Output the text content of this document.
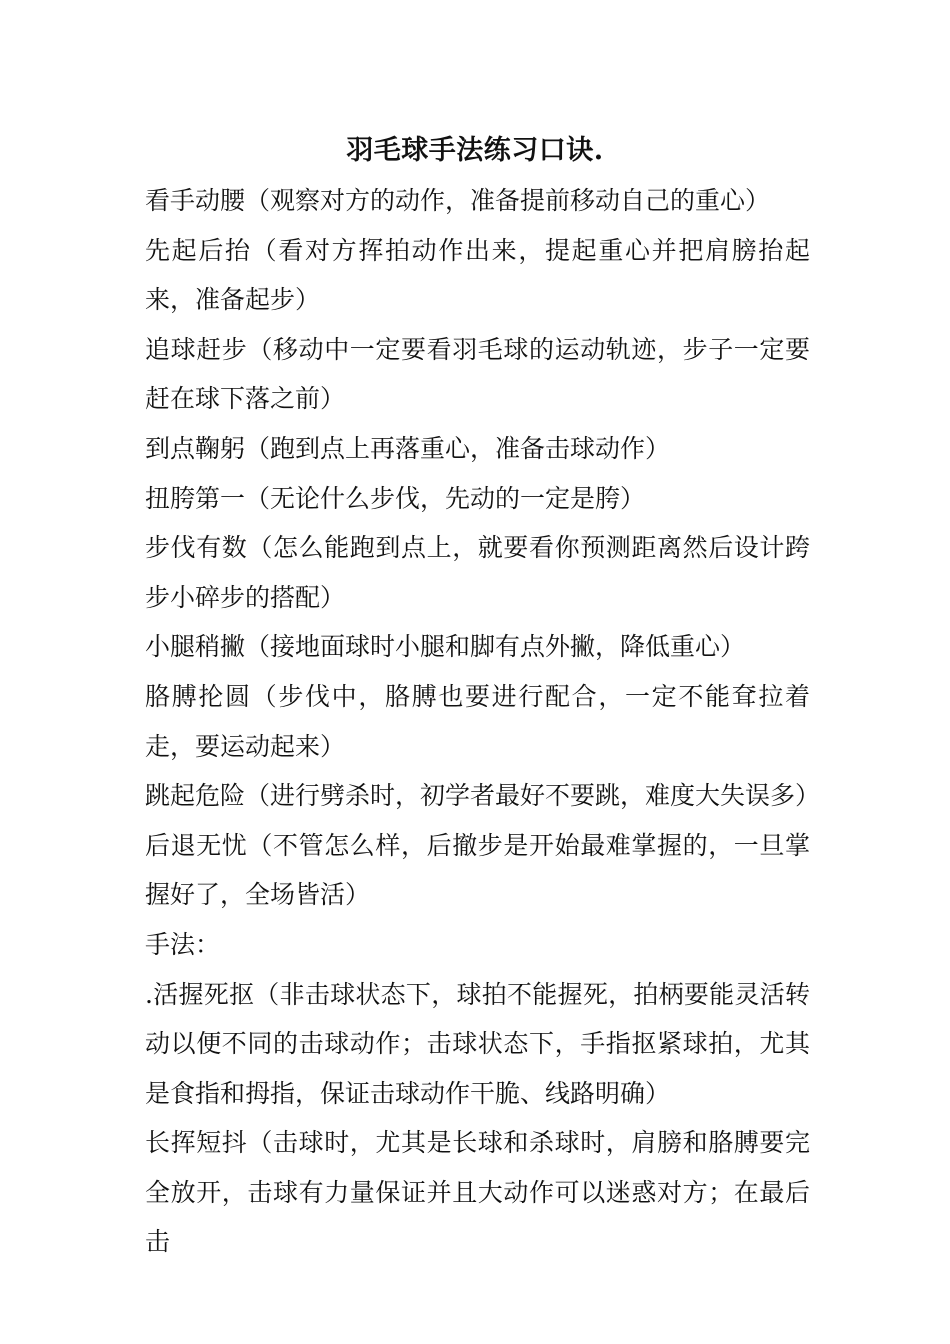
羽毛球手法练习口诀.

看手动腰（观察对方的动作，准备提前移动自己的重心）

先起后抬（看对方挥拍动作出来，提起重心并把肩膀抬起来，准备起步）

追球赶步（移动中一定要看羽毛球的运动轨迹，步子一定要赶在球下落之前）

到点鞠躬（跑到点上再落重心，准备击球动作）

扭胯第一（无论什么步伐，先动的一定是胯）

步伐有数（怎么能跑到点上，就要看你预测距离然后设计跨步小碎步的搭配）

小腿稍撇（接地面球时小腿和脚有点外撇，降低重心）

胳膊抡圆（步伐中，胳膊也要进行配合，一定不能耷拉着走，要运动起来）

跳起危险（进行劈杀时，初学者最好不要跳，难度大失误多）

后退无忧（不管怎么样，后撤步是开始最难掌握的，一旦掌握好了，全场皆活）

手法：

.活握死抠（非击球状态下，球拍不能握死，拍柄要能灵活转动以便不同的击球动作；击球状态下，手指抠紧球拍，尤其是食指和拇指，保证击球动作干脆、线路明确）

长挥短抖（击球时，尤其是长球和杀球时，肩膀和胳膊要完全放开，击球有力量保证并且大动作可以迷惑对方；在最后击
